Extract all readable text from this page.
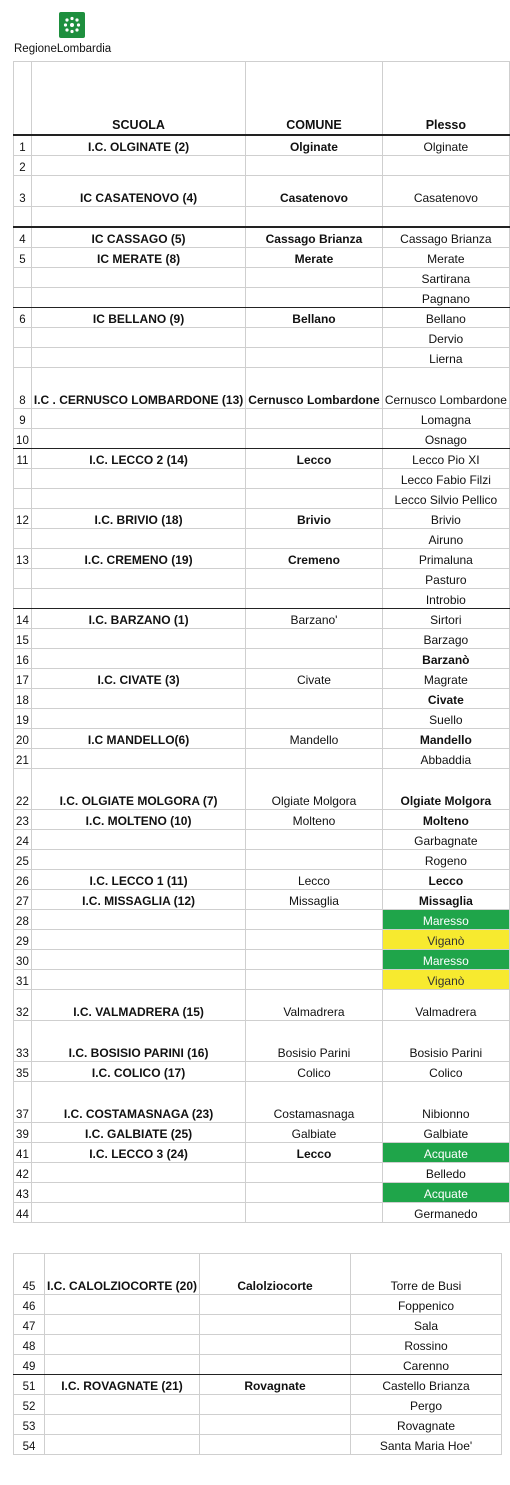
RegioneLombardia
	SCUOLA	COMUNE	Plesso
1	I.C. OLGINATE (2)	Olginate	Olginate
2			
3	IC CASATENOVO (4)	Casatenovo	Casatenovo

4	IC CASSAGO (5)	Cassago Brianza	Cassago Brianza
5	IC MERATE (8)	Merate	Merate
			Sartirana
			Pagnano
6	IC BELLANO (9)	Bellano	Bellano
			Dervio
			Lierna
8	I.C . CERNUSCO LOMBARDONE (13)	Cernusco Lombardone	Cernusco Lombardone
9			Lomagna
10			Osnago
11	I.C. LECCO 2 (14)	Lecco	Lecco Pio XI
			Lecco Fabio Filzi
			Lecco Silvio Pellico
12	I.C. BRIVIO (18)	Brivio	Brivio
			Airuno
13	I.C. CREMENO (19)	Cremeno	Primaluna
			Pasturo
			Introbio
14	I.C. BARZANO (1)	Barzano'	Sirtori
15			Barzago
16			Barzanò
17	I.C. CIVATE (3)	Civate	Magrate
18			Civate
19			Suello
20	I.C MANDELLO(6)	Mandello	Mandello
21			Abbaddia
22	I.C. OLGIATE MOLGORA (7)	Olgiate Molgora	Olgiate Molgora
23	I.C. MOLTENO (10)	Molteno	Molteno
24			Garbagnate
25			Rogeno
26	I.C. LECCO 1 (11)	Lecco	Lecco
27	I.C. MISSAGLIA (12)	Missaglia	Missaglia
28			Maresso
29			Viganò
30			Maresso
31			Viganò
32	I.C. VALMADRERA (15)	Valmadrera	Valmadrera
33	I.C. BOSISIO PARINI (16)	Bosisio Parini	Bosisio Parini
35	I.C. COLICO (17)	Colico	Colico
37	I.C. COSTAMASNAGA (23)	Costamasnaga	Nibionno
39	I.C. GALBIATE (25)	Galbiate	Galbiate
41	I.C. LECCO 3 (24)	Lecco	Acquate
42			Belledo
43			Acquate
44			Germanedo
45	I.C. CALOLZIOCORTE (20)	Calolziocorte	Torre de Busi
46			Foppenico
47			Sala
48			Rossino
49			Carenno
51	I.C. ROVAGNATE (21)	Rovagnate	Castello Brianza
52			Pergo
53			Rovagnate
54			Santa Maria Hoe'
